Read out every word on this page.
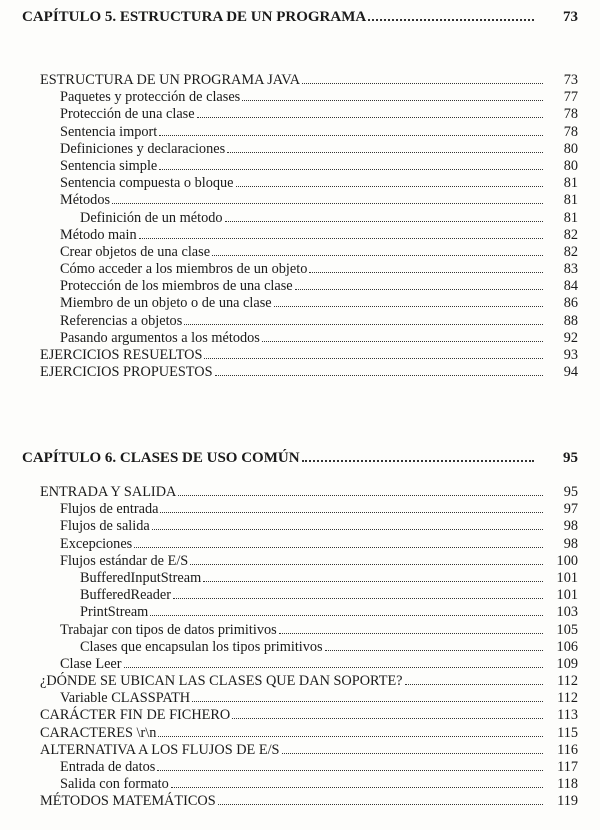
CAPÍTULO 5. ESTRUCTURA DE UN PROGRAMA	73
ESTRUCTURA DE UN PROGRAMA JAVA	73
Paquetes y protección de clases	77
Protección de una clase	78
Sentencia import	78
Definiciones y declaraciones	80
Sentencia simple	80
Sentencia compuesta o bloque	81
Métodos	81
Definición de un método	81
Método main	82
Crear objetos de una clase	82
Cómo acceder a los miembros de un objeto	83
Protección de los miembros de una clase	84
Miembro de un objeto o de una clase	86
Referencias a objetos	88
Pasando argumentos a los métodos	92
EJERCICIOS RESUELTOS	93
EJERCICIOS PROPUESTOS	94
CAPÍTULO 6. CLASES DE USO COMÚN	95
ENTRADA Y SALIDA	95
Flujos de entrada	97
Flujos de salida	98
Excepciones	98
Flujos estándar de E/S	100
BufferedInputStream	101
BufferedReader	101
PrintStream	103
Trabajar con tipos de datos primitivos	105
Clases que encapsulan los tipos primitivos	106
Clase Leer	109
¿DÓNDE SE UBICAN LAS CLASES QUE DAN SOPORTE?	112
Variable CLASSPATH	112
CARÁCTER FIN DE FICHERO	113
CARACTERES \r\n	115
ALTERNATIVA A LOS FLUJOS DE E/S	116
Entrada de datos	117
Salida con formato	118
MÉTODOS MATEMÁTICOS	119
